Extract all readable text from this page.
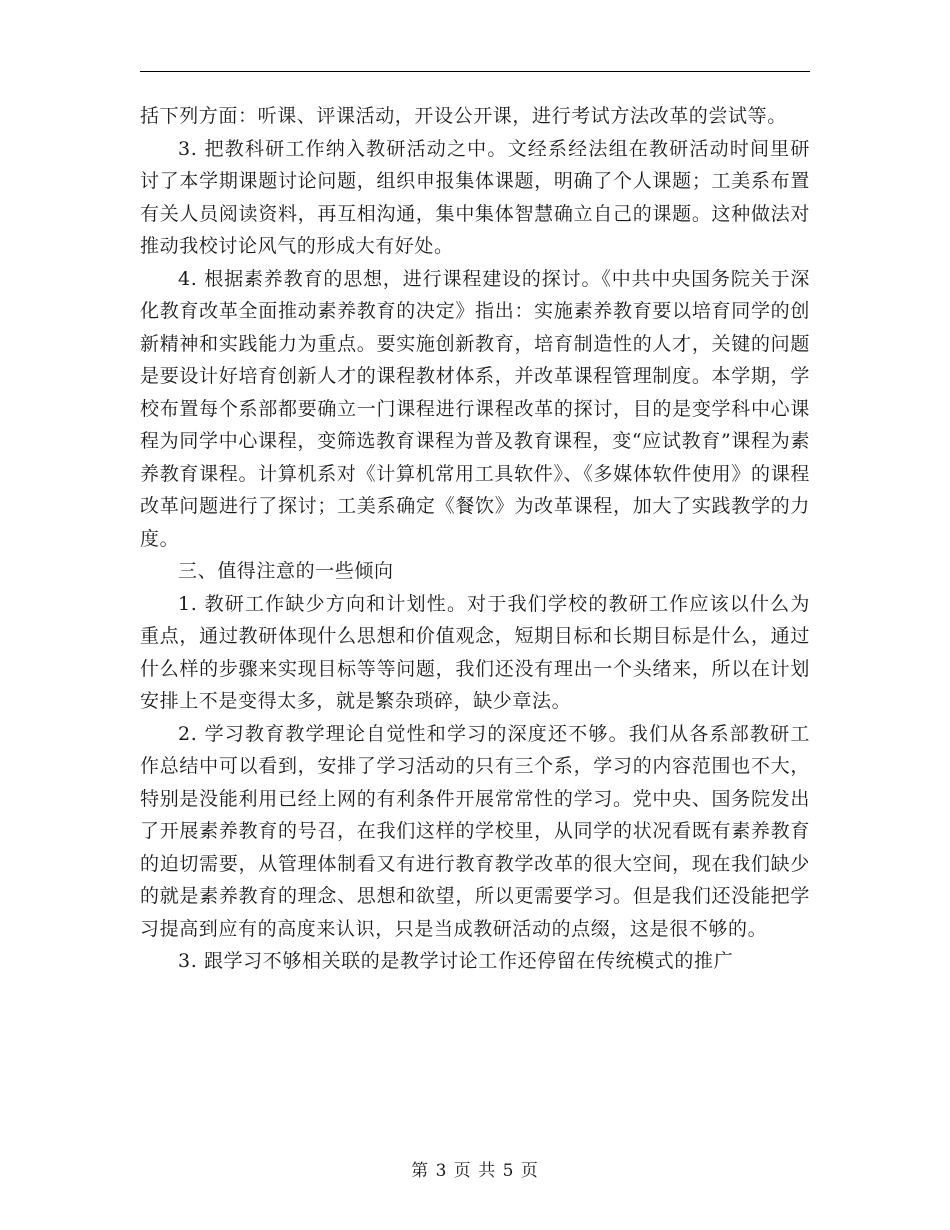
括下列方面：听课、评课活动，开设公开课，进行考试方法改革的尝试等。

3. 把教科研工作纳入教研活动之中。文经系经法组在教研活动时间里研讨了本学期课题讨论问题，组织申报集体课题，明确了个人课题；工美系布置有关人员阅读资料，再互相沟通，集中集体智慧确立自己的课题。这种做法对推动我校讨论风气的形成大有好处。

4. 根据素养教育的思想，进行课程建设的探讨。《中共中央国务院关于深化教育改革全面推动素养教育的决定》指出：实施素养教育要以培育同学的创新精神和实践能力为重点。要实施创新教育，培育制造性的人才，关键的问题是要设计好培育创新人才的课程教材体系，并改革课程管理制度。本学期，学校布置每个系部都要确立一门课程进行课程改革的探讨，目的是变学科中心课程为同学中心课程，变筛选教育课程为普及教育课程，变“应试教育”课程为素养教育课程。计算机系对《计算机常用工具软件》、《多媒体软件使用》的课程改革问题进行了探讨；工美系确定《餐饮》为改革课程，加大了实践教学的力度。

三、值得注意的一些倾向

1. 教研工作缺少方向和计划性。对于我们学校的教研工作应该以什么为重点，通过教研体现什么思想和价值观念，短期目标和长期目标是什么，通过什么样的步骤来实现目标等等问题，我们还没有理出一个头绪来，所以在计划安排上不是变得太多，就是繁杂琐碎，缺少章法。

2. 学习教育教学理论自觉性和学习的深度还不够。我们从各系部教研工作总结中可以看到，安排了学习活动的只有三个系，学习的内容范围也不大，特别是没能利用已经上网的有利条件开展常常性的学习。党中央、国务院发出了开展素养教育的号召，在我们这样的学校里，从同学的状况看既有素养教育的迫切需要，从管理体制看又有进行教育教学改革的很大空间，现在我们缺少的就是素养教育的理念、思想和欲望，所以更需要学习。但是我们还没能把学习提高到应有的高度来认识，只是当成教研活动的点缀，这是很不够的。

3. 跟学习不够相关联的是教学讨论工作还停留在传统模式的推广

第 3 页 共 5 页
